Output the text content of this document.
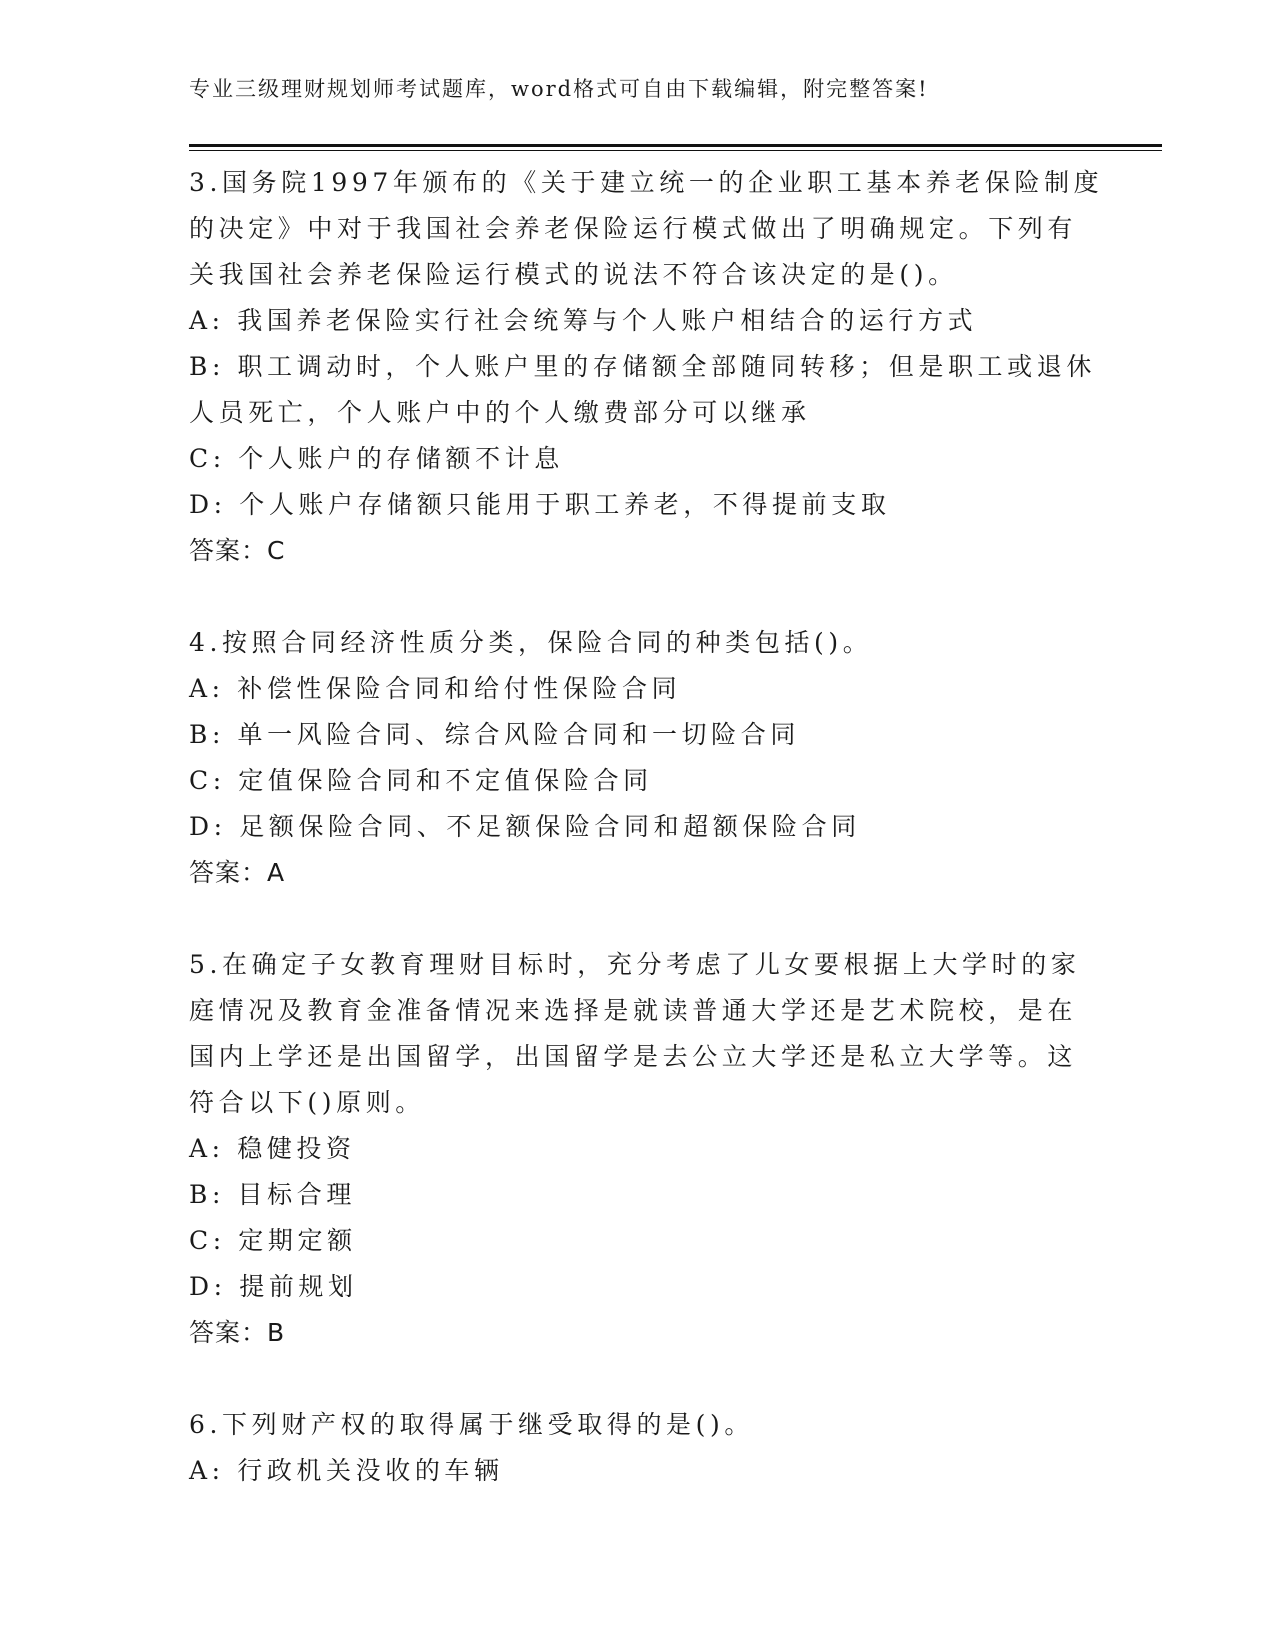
专业三级理财规划师考试题库，word格式可自由下载编辑，附完整答案!
3.国务院1997年颁布的《关于建立统一的企业职工基本养老保险制度
的决定》中对于我国社会养老保险运行模式做出了明确规定。下列有
关我国社会养老保险运行模式的说法不符合该决定的是()。
A: 我国养老保险实行社会统筹与个人账户相结合的运行方式
B: 职工调动时，个人账户里的存储额全部随同转移；但是职工或退休
人员死亡，个人账户中的个人缴费部分可以继承
C: 个人账户的存储额不计息
D: 个人账户存储额只能用于职工养老，不得提前支取
答案：C
4.按照合同经济性质分类，保险合同的种类包括()。
A: 补偿性保险合同和给付性保险合同
B: 单一风险合同、综合风险合同和一切险合同
C: 定值保险合同和不定值保险合同
D: 足额保险合同、不足额保险合同和超额保险合同
答案：A
5.在确定子女教育理财目标时，充分考虑了儿女要根据上大学时的家
庭情况及教育金准备情况来选择是就读普通大学还是艺术院校，是在
国内上学还是出国留学，出国留学是去公立大学还是私立大学等。这
符合以下()原则。
A: 稳健投资
B: 目标合理
C: 定期定额
D: 提前规划
答案：B
6.下列财产权的取得属于继受取得的是()。
A: 行政机关没收的车辆
